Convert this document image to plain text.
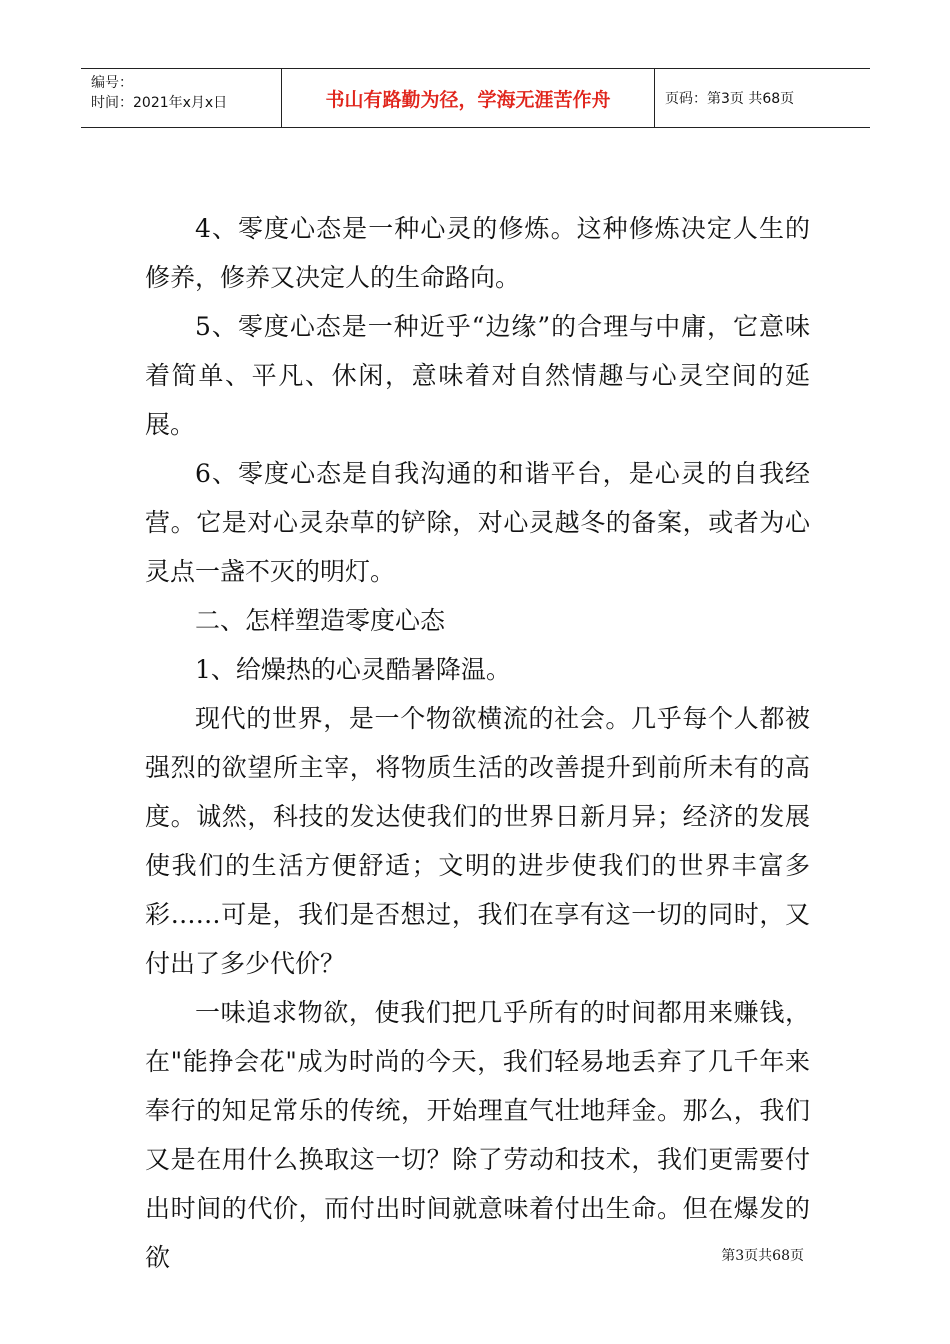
编号：
时间：2021年x月x日	书山有路勤为径，学海无涯苦作舟	页码：第3页 共68页

4、零度心态是一种心灵的修炼。这种修炼决定人生的修养，修养又决定人的生命路向。

5、零度心态是一种近乎“边缘”的合理与中庸，它意味着简单、平凡、休闲，意味着对自然情趣与心灵空间的延展。

6、零度心态是自我沟通的和谐平台，是心灵的自我经营。它是对心灵杂草的铲除，对心灵越冬的备案，或者为心灵点一盏不灭的明灯。

二、怎样塑造零度心态

1、给燥热的心灵酷暑降温。

现代的世界，是一个物欲横流的社会。几乎每个人都被强烈的欲望所主宰，将物质生活的改善提升到前所未有的高度。诚然，科技的发达使我们的世界日新月异；经济的发展使我们的生活方便舒适；文明的进步使我们的世界丰富多彩……可是，我们是否想过，我们在享有这一切的同时，又付出了多少代价？

一味追求物欲，使我们把几乎所有的时间都用来赚钱，在"能挣会花"成为时尚的今天，我们轻易地丢弃了几千年来奉行的知足常乐的传统，开始理直气壮地拜金。那么，我们又是在用什么换取这一切？除了劳动和技术，我们更需要付出时间的代价，而付出时间就意味着付出生命。但在爆发的欲	第3页共68页
